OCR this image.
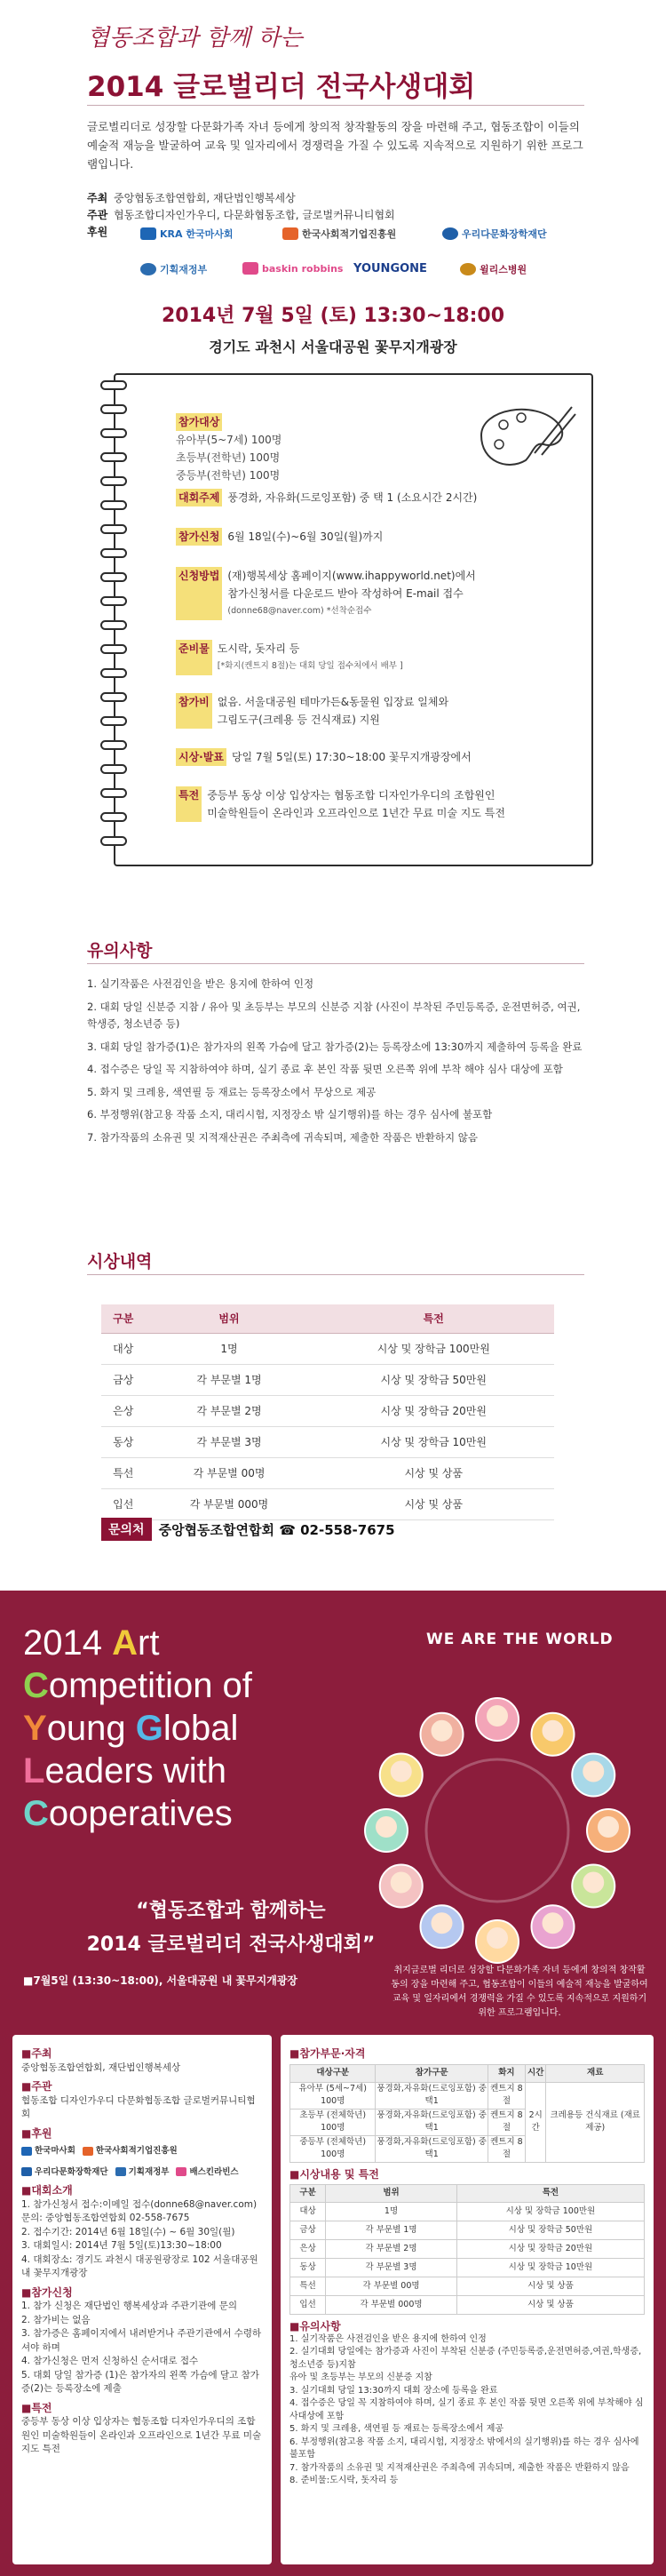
협동조합과 함께 하는
2014 글로벌리더 전국사생대회
글로벌리더로 성장할 다문화가족 자녀 등에게 창의적 창작활동의 장을 마련해 주고, 협동조합이 이들의 예술적 재능을 발굴하여 교육 및 일자리에서 경쟁력을 가질 수 있도록 지속적으로 지원하기 위한 프로그램입니다.
주최 중앙협동조합연합회, 재단법인행복세상
주관 협동조합디자인가우디, 다문화협동조합, 글로벌커뮤니티협회
후원	KRA 한국마사회	한국사회적기업진흥원	우리다문화장학재단
기획재정부	baskin robbins YOUNGONE	윌리스병원
2014년 7월 5일 (토) 13:30~18:00
경기도 과천시 서울대공원 꽃무지개광장
참가대상
유아부(5~7세) 100명
초등부(전학년) 100명
중등부(전학년) 100명
대회주제 풍경화, 자유화(드로잉포함) 중 택 1 (소요시간 2시간)
참가신청 6월 18일(수)~6월 30일(월)까지
신청방법 (재)행복세상 홈페이지(www.ihappyworld.net)에서
참가신청서를 다운로드 받아 작성하여 E-mail 접수
(donne68@naver.com) *선착순접수
준비물 도시락, 돗자리 등
[*화지(켄트지 8절)는 대회 당일 접수처에서 배부 ]
참가비 없음. 서울대공원 테마가든&동물원 입장료 일체와
그림도구(크레용 등 건식재료) 지원
시상·발표 당일 7월 5일(토) 17:30~18:00 꽃무지개광장에서
특전 중등부 동상 이상 입상자는 협동조합 디자인가우디의 조합원인
미술학원들이 온라인과 오프라인으로 1년간 무료 미술 지도 특전
유의사항
1. 실기작품은 사전검인을 받은 용지에 한하여 인정
2. 대회 당일 신분증 지참 / 유아 및 초등부는 부모의 신분증 지참 (사진이 부착된 주민등록증, 운전면허증, 여권, 학생증, 청소년증 등)
3. 대회 당일 참가증(1)은 참가자의 왼쪽 가슴에 달고 참가증(2)는 등록장소에 13:30까지 제출하여 등록을 완료
4. 접수증은 당일 꼭 지참하여야 하며, 실기 종료 후 본인 작품 뒷면 오른쪽 위에 부착 해야 심사 대상에 포함
5. 화지 및 크레용, 색연필 등 재료는 등록장소에서 무상으로 제공
6. 부정행위(참고용 작품 소지, 대리시험, 지정장소 밖 실기행위)를 하는 경우 심사에 불포함
7. 참가작품의 소유권 및 지적재산권은 주최측에 귀속되며, 제출한 작품은 반환하지 않음
시상내역
구분	범위	특전
대상	1명	시상 및 장학금 100만원
금상	각 부문별 1명	시상 및 장학금 50만원
은상	각 부문별 2명	시상 및 장학금 20만원
동상	각 부문별 3명	시상 및 장학금 10만원
특선	각 부문별 00명	시상 및 상품
입선	각 부문별 000명	시상 및 상품
문의처	중앙협동조합연합회 ☎ 02-558-7675
2014 Art
Competition of
Young Global
Leaders with
Cooperatives
WE ARE THE WORLD
“협동조합과 함께하는
2014 글로벌리더 전국사생대회”
■7월5일 (13:30~18:00), 서울대공원 내 꽃무지개광장
취지글로벌 리더로 성장할 다문화가족 자녀 등에게 창의적 창작활동의 장을 마련해 주고, 협동조합이 이들의 예술적 재능을 발굴하여 교육 및 일자리에서 경쟁력을 가질 수 있도록 지속적으로 지원하기 위한 프로그램입니다.
■주최
중앙협동조합연합회, 재단법인행복세상
■주관
협동조합 디자인가우디 다문화협동조합 글로벌커뮤니티협회
■후원
한국마사회 한국사회적기업진흥원
우리다문화장학재단 기획재정부 배스킨라빈스
■대회소개
1. 참가신청서 접수:이메일 접수(donne68@naver.com) 문의: 중앙협동조합연합회 02-558-7675
2. 접수기간: 2014년 6월 18일(수) ~ 6월 30일(월)
3. 대회일시: 2014년 7월 5일(토)13:30~18:00
4. 대회장소: 경기도 과천시 대공원광장로 102 서울대공원 내 꽃무지개광장
■참가신청
1. 참가 신청은 재단법인 행복세상과 주관기관에 문의
2. 참가비는 없음
3. 참가증은 홈페이지에서 내려받거나 주관기관에서 수령하셔야 하며
4. 참가신청은 먼저 신청하신 순서대로 접수
5. 대회 당일 참가증 (1)은 참가자의 왼쪽 가슴에 달고 참가증(2)는 등록장소에 제출
■특전
중등부 동상 이상 입상자는 협동조합 디자인가우디의 조합원인 미술학원들이 온라인과 오프라인으로 1년간 무료 미술 지도 특전
■참가부문·자격
대상구분	참가구문	화지	시간	재료
유아부 (5세~7세) 100명	풍경화,자유화(드로잉포함) 중 택1	켄트지 8절	2시간	크레용등 건식재료 (재료제공)
초등부 (전체학년) 100명	풍경화,자유화(드로잉포함) 중 택1	켄트지 8절		
중등부 (전체학년) 100명	풍경화,자유화(드로잉포함) 중 택1	켄트지 8절		
■시상내용 및 특전
구분	범위	특전
대상	1명	시상 및 장학금 100만원
금상	각 부문별 1명	시상 및 장학금 50만원
은상	각 부문별 2명	시상 및 장학금 20만원
동상	각 부문별 3명	시상 및 장학금 10만원
특선	각 부문별 00명	시상 및 상품
입선	각 부문별 000명	시상 및 상품
■유의사항
1. 실기작품은 사전검인을 받은 용지에 한하여 인정
2. 실기대회 당일에는 참가증과 사진이 부착된 신분증 (주민등록증,운전면허증,여권,학생증,청소년증 등)지참
유아 및 초등부는 부모의 신분증 지참
3. 실기대회 당일 13:30까지 대회 장소에 등록을 완료
4. 접수증은 당일 꼭 지참하여야 하며, 실기 종료 후 본인 작품 뒷면 오른쪽 위에 부착해야 심사대상에 포함
5. 화지 및 크레용, 색연필 등 재료는 등록장소에서 제공
6. 부정행위(참고용 작품 소지, 대리시험, 지정장소 밖에서의 실기행위)를 하는 경우 심사에 불포함
7. 참가작품의 소유권 및 지적재산권은 주최측에 귀속되며, 제출한 작품은 반환하지 않음
8. 준비물:도시락, 돗자리 등
